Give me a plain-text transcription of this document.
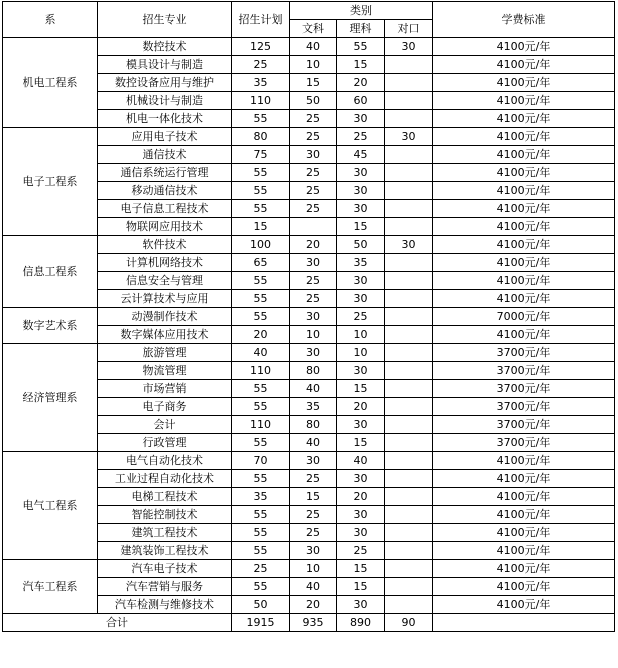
系	招生专业	招生计划	类别			学费标准
			文科	理科	对口	
机电工程系	数控技术	125	40	55	30	4100元/年
	模具设计与制造	25	10	15		4100元/年
	数控设备应用与维护	35	15	20		4100元/年
	机械设计与制造	110	50	60		4100元/年
	机电一体化技术	55	25	30		4100元/年
电子工程系	应用电子技术	80	25	25	30	4100元/年
	通信技术	75	30	45		4100元/年
	通信系统运行管理	55	25	30		4100元/年
	移动通信技术	55	25	30		4100元/年
	电子信息工程技术	55	25	30		4100元/年
	物联网应用技术	15		15		4100元/年
信息工程系	软件技术	100	20	50	30	4100元/年
	计算机网络技术	65	30	35		4100元/年
	信息安全与管理	55	25	30		4100元/年
	云计算技术与应用	55	25	30		4100元/年
数字艺术系	动漫制作技术	55	30	25		7000元/年
	数字媒体应用技术	20	10	10		4100元/年
经济管理系	旅游管理	40	30	10		3700元/年
	物流管理	110	80	30		3700元/年
	市场营销	55	40	15		3700元/年
	电子商务	55	35	20		3700元/年
	会计	110	80	30		3700元/年
	行政管理	55	40	15		3700元/年
电气工程系	电气自动化技术	70	30	40		4100元/年
	工业过程自动化技术	55	25	30		4100元/年
	电梯工程技术	35	15	20		4100元/年
	智能控制技术	55	25	30		4100元/年
	建筑工程技术	55	25	30		4100元/年
	建筑装饰工程技术	55	30	25		4100元/年
汽车工程系	汽车电子技术	25	10	15		4100元/年
	汽车营销与服务	55	40	15		4100元/年
	汽车检测与维修技术	50	20	30		4100元/年
合计		1915	935	890	90	
